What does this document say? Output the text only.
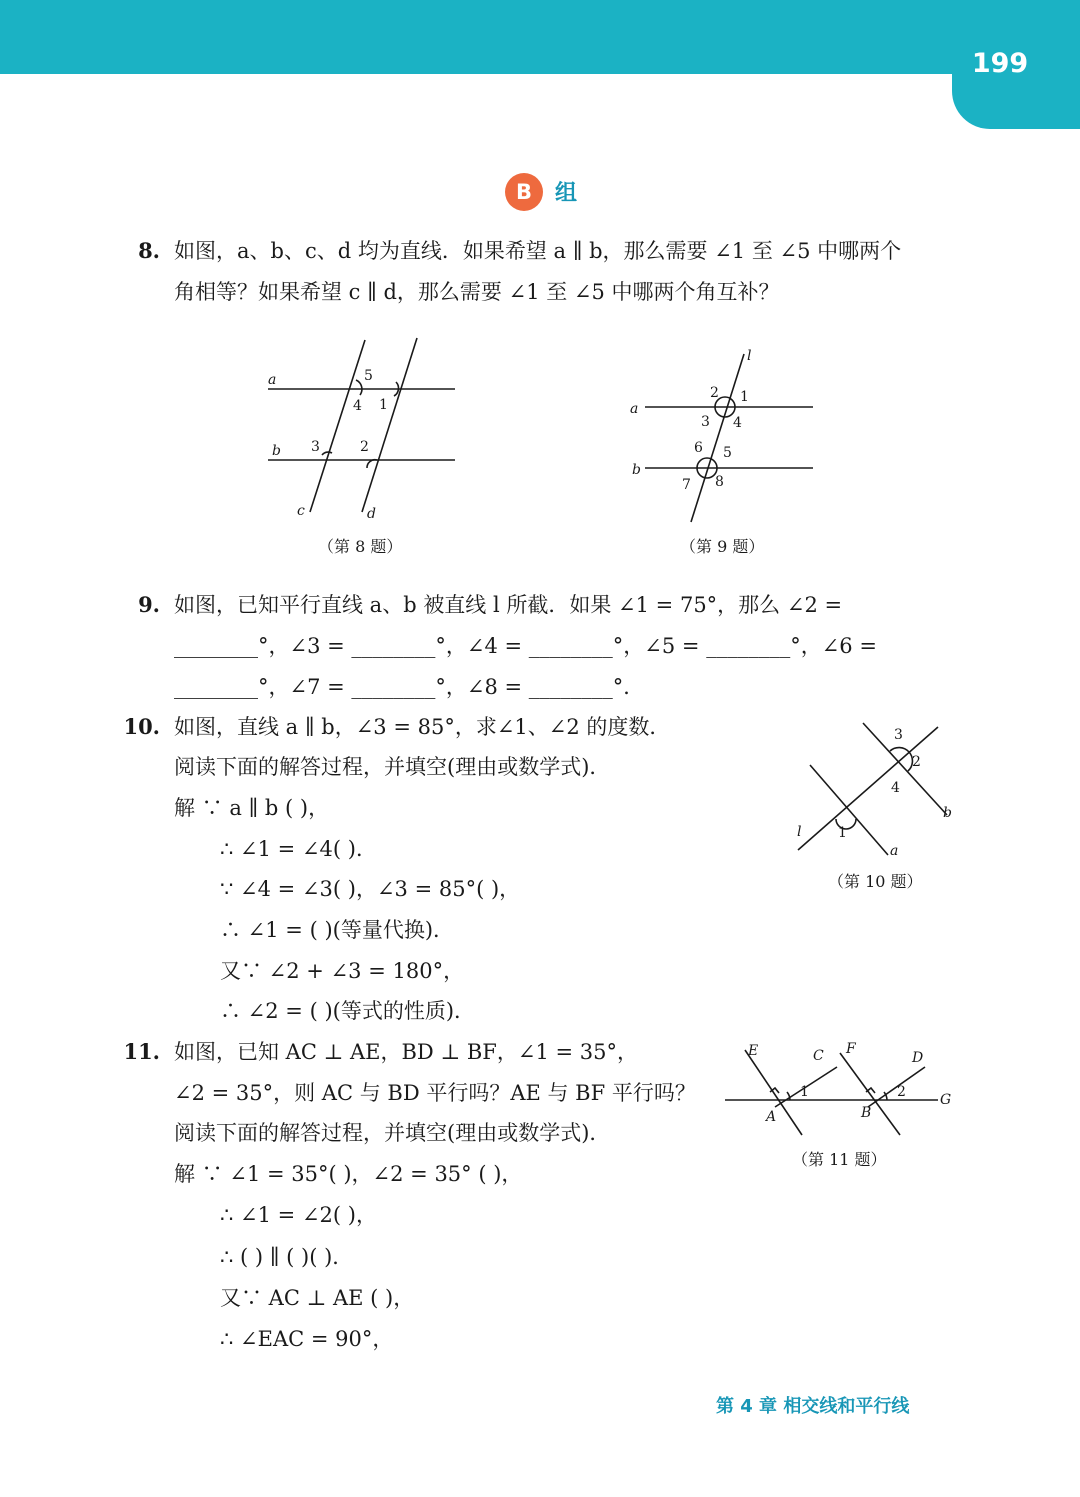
199
B	组
8. 如图，a、b、c、d 均为直线．如果希望 a ∥ b，那么需要 ∠1 至 ∠5 中哪两个
角相等？如果希望 c ∥ d，那么需要 ∠1 至 ∠5 中哪两个角互补？
a
b
c	d
5
4 1
3	2
（第 8 题）
l
a
b
2 1
3 4
6 5
7 8
（第 9 题）
9. 如图，已知平行直线 a、b 被直线 l 所截．如果 ∠1 = 75°，那么 ∠2 =
________°，∠3 = ________°，∠4 = ________°，∠5 = ________°，∠6 =
________°，∠7 = ________°，∠8 = ________°．
10. 如图，直线 a ∥ b，∠3 = 85°，求∠1、∠2 的度数．
阅读下面的解答过程，并填空(理由或数学式)．
解 ∵ a ∥ b ( )，
∴ ∠1 = ∠4( )．
∵ ∠4 = ∠3( )，∠3 = 85°( )，
∴ ∠1 = ( )(等量代换)．
又∵ ∠2 + ∠3 = 180°，
∴ ∠2 = ( )(等式的性质)．
3
2
4
1
l
a
b
（第 10 题）
11. 如图，已知 AC ⊥ AE，BD ⊥ BF，∠1 = 35°，
∠2 = 35°，则 AC 与 BD 平行吗？AE 与 BF 平行吗？
阅读下面的解答过程，并填空(理由或数学式)．
解 ∵ ∠1 = 35°( )，∠2 = 35° ( )，
∴ ∠1 = ∠2( )，
∴ ( ) ∥ ( )( )．
又∵ AC ⊥ AE ( )，
∴ ∠EAC = 90°，
E	C F
D
G
A	B
1	2
（第 11 题）
第 4 章 相交线和平行线
